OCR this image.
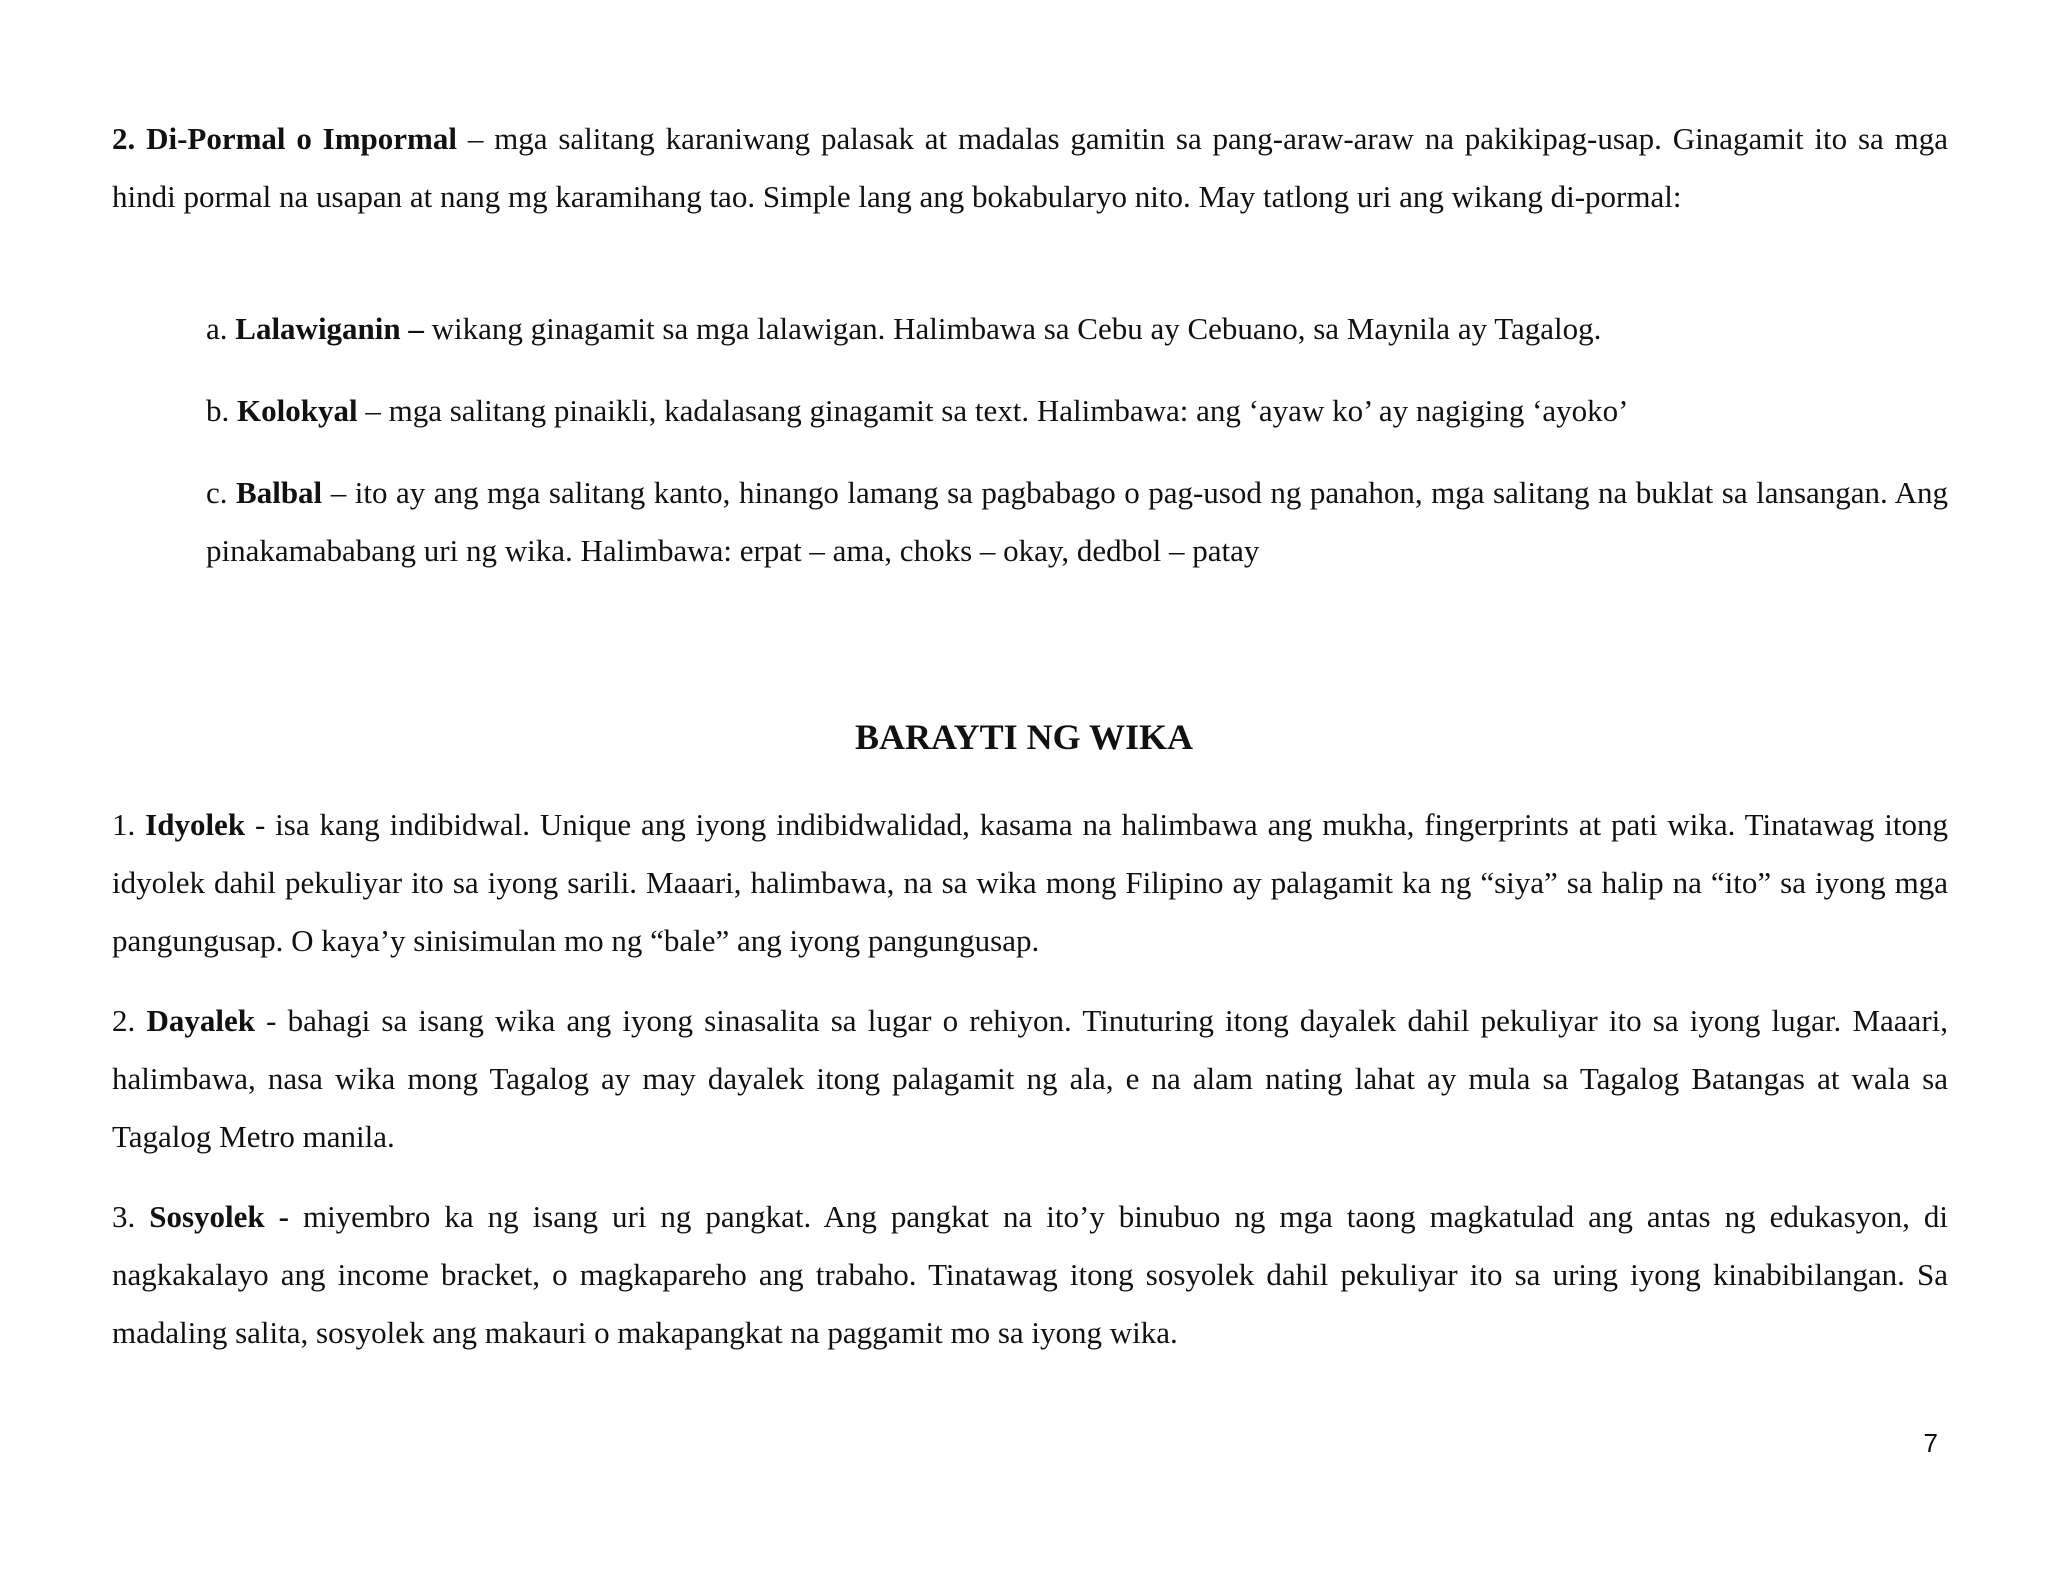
2. Di-Pormal o Impormal – mga salitang karaniwang palasak at madalas gamitin sa pang-araw-araw na pakikipag-usap. Ginagamit ito sa mga hindi pormal na usapan at nang mg karamihang tao. Simple lang ang bokabularyo nito. May tatlong uri ang wikang di-pormal:

a. Lalawiganin – wikang ginagamit sa mga lalawigan. Halimbawa sa Cebu ay Cebuano, sa Maynila ay Tagalog.

b. Kolokyal – mga salitang pinaikli, kadalasang ginagamit sa text. Halimbawa: ang ‘ayaw ko’ ay nagiging ‘ayoko’

c. Balbal – ito ay ang mga salitang kanto, hinango lamang sa pagbabago o pag-usod ng panahon, mga salitang na buklat sa lansangan. Ang pinakamababang uri ng wika. Halimbawa: erpat – ama, choks – okay, dedbol – patay

BARAYTI NG WIKA

1. Idyolek - isa kang indibidwal. Unique ang iyong indibidwalidad, kasama na halimbawa ang mukha, fingerprints at pati wika. Tinatawag itong idyolek dahil pekuliyar ito sa iyong sarili. Maaari, halimbawa, na sa wika mong Filipino ay palagamit ka ng “siya” sa halip na “ito” sa iyong mga pangungusap. O kaya’y sinisimulan mo ng “bale” ang iyong pangungusap.

2. Dayalek - bahagi sa isang wika ang iyong sinasalita sa lugar o rehiyon. Tinuturing itong dayalek dahil pekuliyar ito sa iyong lugar. Maaari, halimbawa, nasa wika mong Tagalog ay may dayalek itong palagamit ng ala, e na alam nating lahat ay mula sa Tagalog Batangas at wala sa Tagalog Metro manila.

3. Sosyolek - miyembro ka ng isang uri ng pangkat. Ang pangkat na ito’y binubuo ng mga taong magkatulad ang antas ng edukasyon, di nagkakalayo ang income bracket, o magkapareho ang trabaho. Tinatawag itong sosyolek dahil pekuliyar ito sa uring iyong kinabibilangan. Sa madaling salita, sosyolek ang makauri o makapangkat na paggamit mo sa iyong wika.

7
